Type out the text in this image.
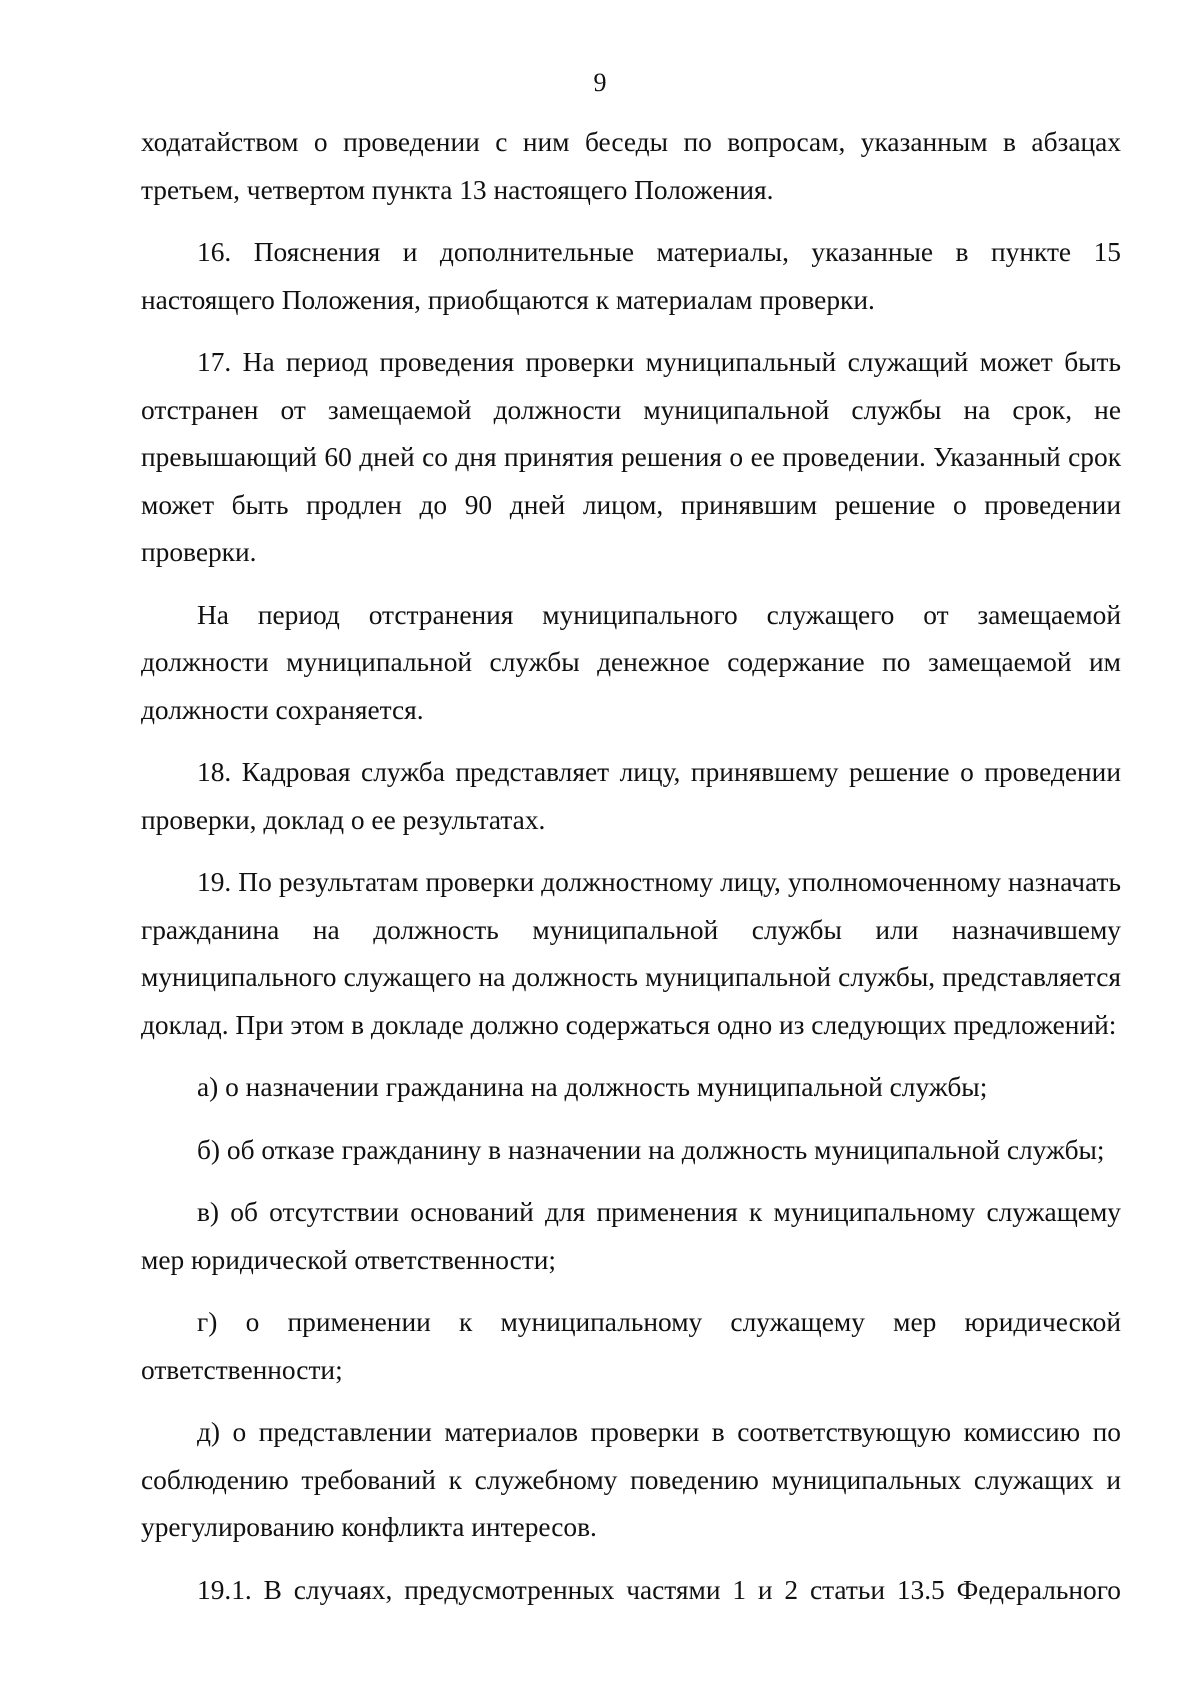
9

ходатайством о проведении с ним беседы по вопросам, указанным в абзацах третьем, четвертом пункта 13 настоящего Положения.

16. Пояснения и дополнительные материалы, указанные в пункте 15 настоящего Положения, приобщаются к материалам проверки.

17. На период проведения проверки муниципальный служащий может быть отстранен от замещаемой должности муниципальной службы на срок, не превышающий 60 дней со дня принятия решения о ее проведении. Указанный срок может быть продлен до 90 дней лицом, принявшим решение о проведении проверки.

На период отстранения муниципального служащего от замещаемой должности муниципальной службы денежное содержание по замещаемой им должности сохраняется.

18. Кадровая служба представляет лицу, принявшему решение о проведении проверки, доклад о ее результатах.

19. По результатам проверки должностному лицу, уполномоченному назначать гражданина на должность муниципальной службы или назначившему муниципального служащего на должность муниципальной службы, представляется доклад. При этом в докладе должно содержаться одно из следующих предложений:

а) о назначении гражданина на должность муниципальной службы;

б) об отказе гражданину в назначении на должность муниципальной службы;

в) об отсутствии оснований для применения к муниципальному служащему мер юридической ответственности;

г) о применении к муниципальному служащему мер юридической ответственности;

д) о представлении материалов проверки в соответствующую комиссию по соблюдению требований к служебному поведению муниципальных служащих и урегулированию конфликта интересов.

19.1. В случаях, предусмотренных частями 1 и 2 статьи 13.5 Федерального
